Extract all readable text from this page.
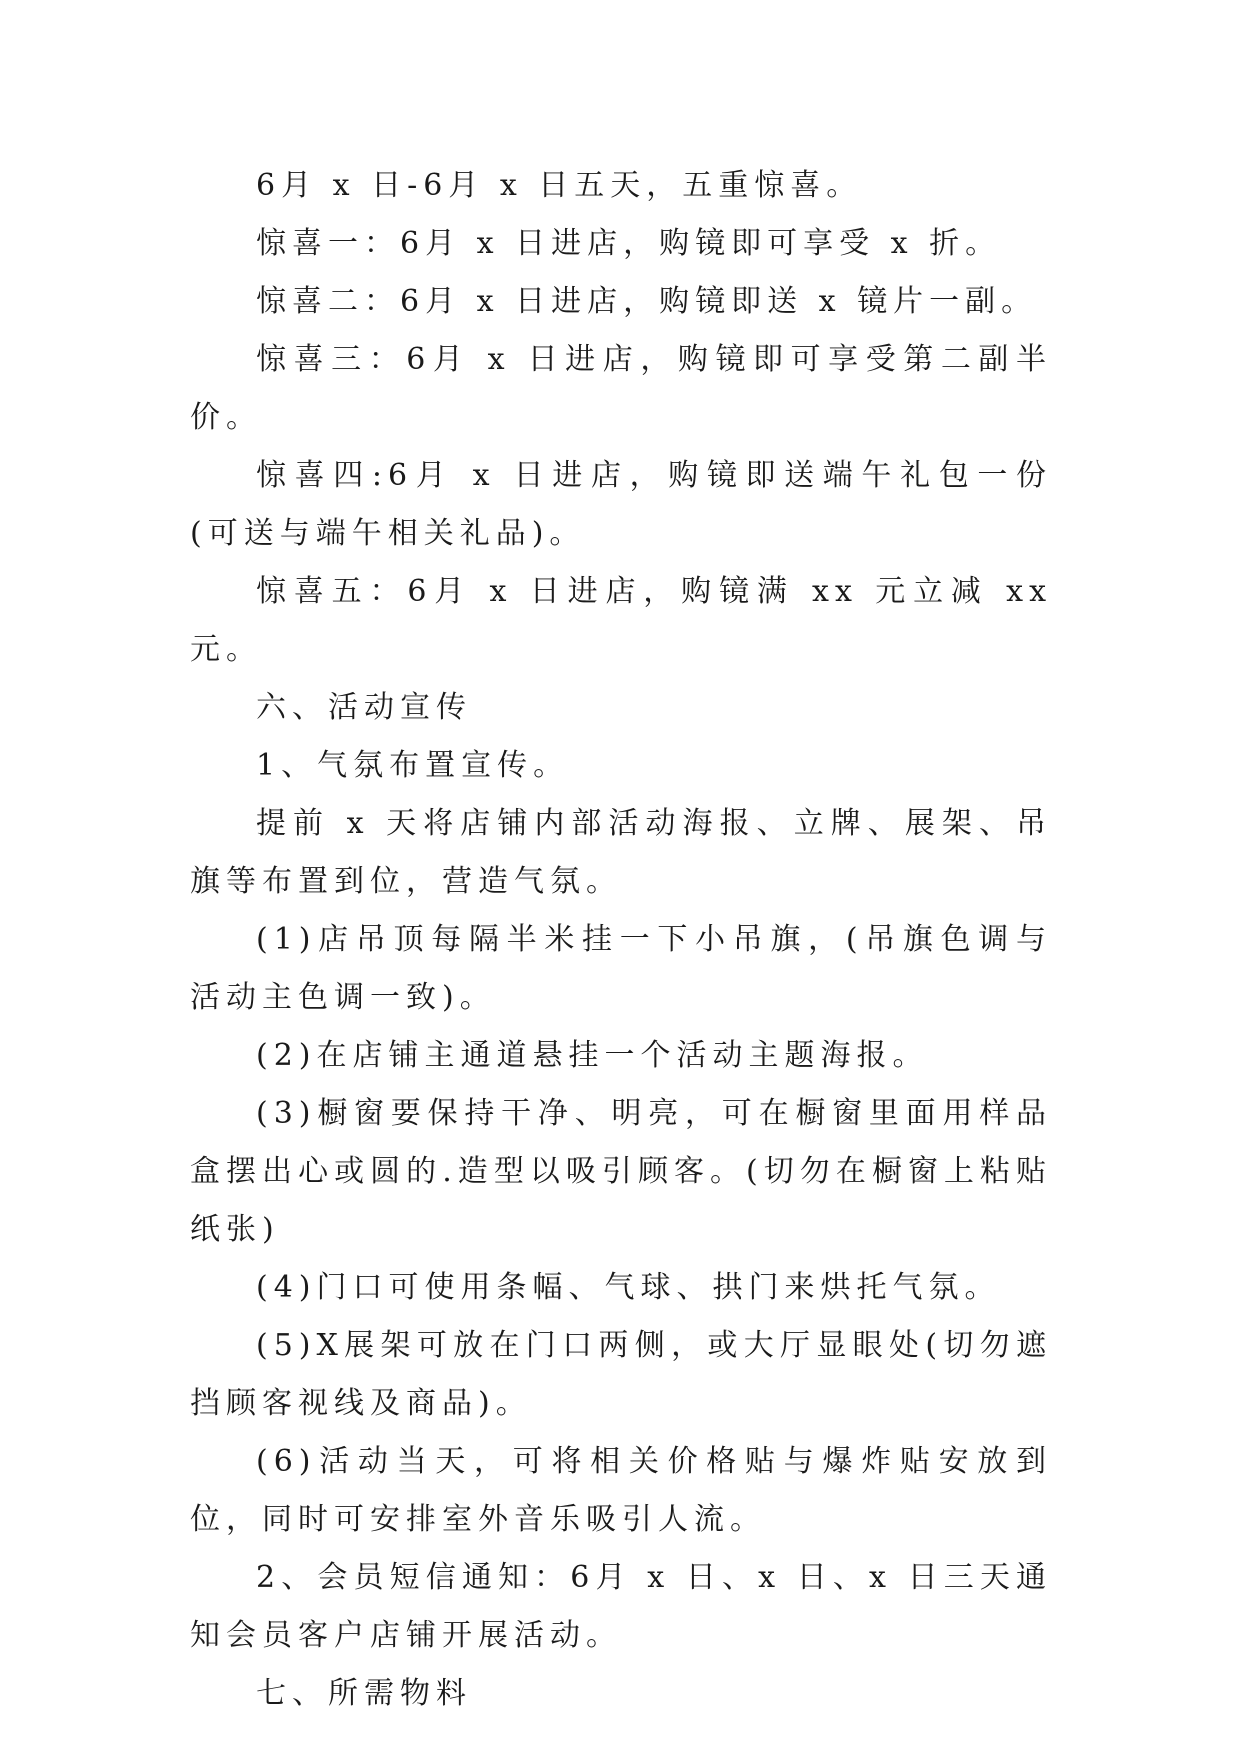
6月 x 日-6月 x 日五天，五重惊喜。

惊喜一：6月 x 日进店，购镜即可享受 x 折。

惊喜二：6月 x 日进店，购镜即送 x 镜片一副。

惊喜三：6月 x 日进店，购镜即可享受第二副半价。

惊喜四:6月 x 日进店，购镜即送端午礼包一份(可送与端午相关礼品)。

惊喜五：6月 x 日进店，购镜满 xx 元立减 xx 元。

六、活动宣传

1、气氛布置宣传。

提前 x 天将店铺内部活动海报、立牌、展架、吊旗等布置到位，营造气氛。

(1)店吊顶每隔半米挂一下小吊旗，(吊旗色调与活动主色调一致)。

(2)在店铺主通道悬挂一个活动主题海报。

(3)橱窗要保持干净、明亮，可在橱窗里面用样品盒摆出心或圆的.造型以吸引顾客。(切勿在橱窗上粘贴纸张)

(4)门口可使用条幅、气球、拱门来烘托气氛。

(5)X展架可放在门口两侧，或大厅显眼处(切勿遮挡顾客视线及商品)。

(6)活动当天，可将相关价格贴与爆炸贴安放到位，同时可安排室外音乐吸引人流。

2、会员短信通知：6月 x 日、x 日、x 日三天通知会员客户店铺开展活动。

七、所需物料
